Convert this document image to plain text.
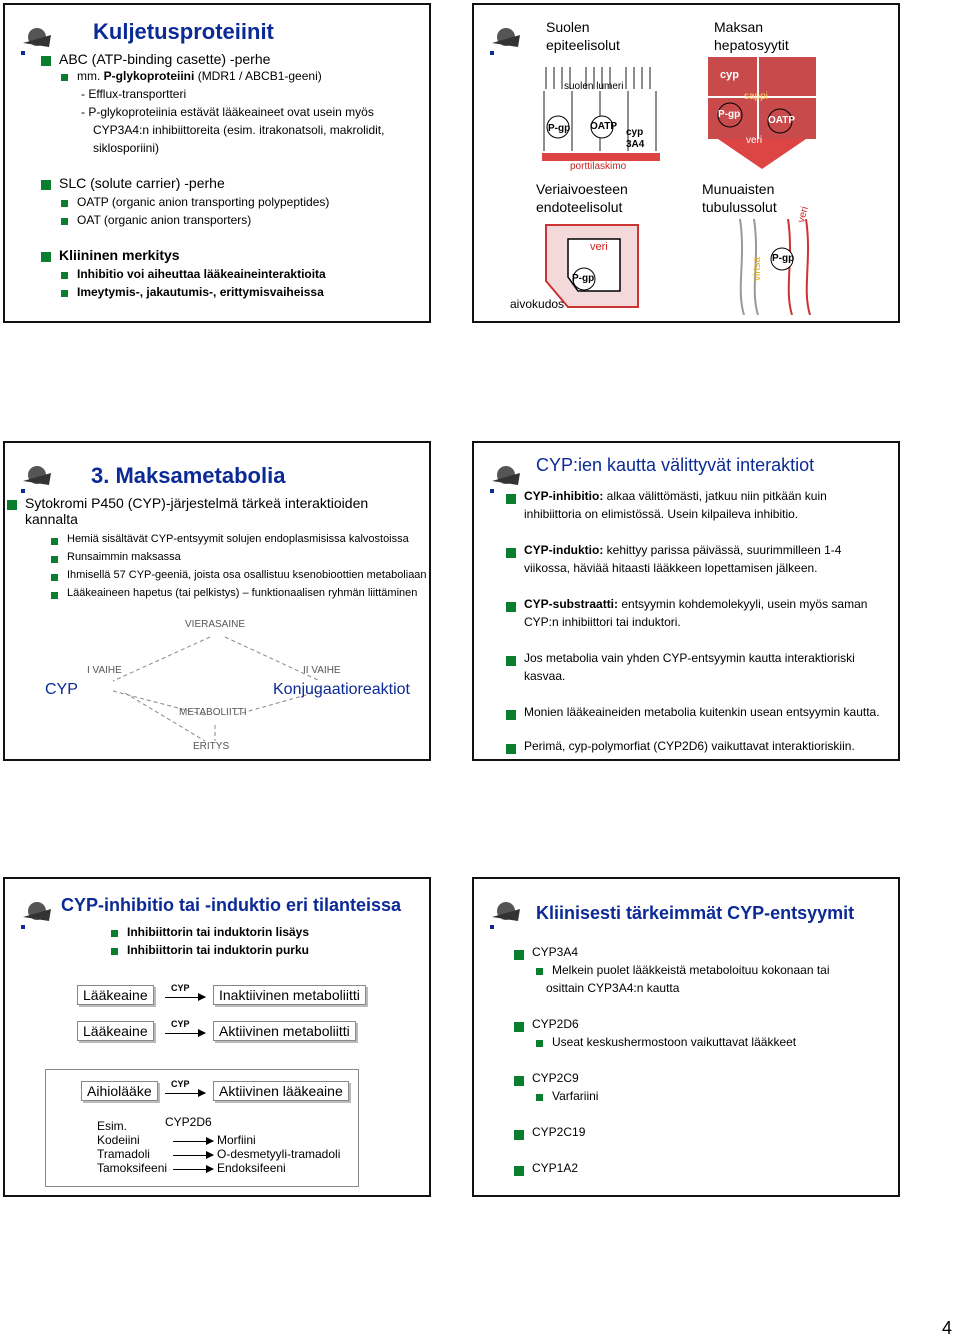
Kuljetusproteiinit
ABC (ATP-binding casette) -perhe
mm. P-glykoproteiini (MDR1 / ABCB1-geeni)
- Efflux-transportteri
- P-glykoproteiinia estävät lääkeaineet ovat usein myös
CYP3A4:n inhibiittoreita (esim. itrakonatsoli, makrolidit,
siklosporiini)
SLC (solute carrier) -perhe
OATP (organic anion transporting polypeptides)
OAT (organic anion transporters)
Kliininen merkitys
Inhibitio voi aiheuttaa lääkeaineinteraktioita
Imeytymis-, jakautumis-, erittymisvaiheissa
Suolen
epiteelisolut
Maksan
hepatosyytit
suolen lumeri
P-gp OATP
cyp
3A4
porttilaskimo
cyp
sappi
P-gp
OATP
veri
Veriaivoesteen
endoteelisolut
Munuaisten
tubulussolut
veri
P-gp
aivokudos
P-gp
virtsa
veri
3. Maksametabolia
Sytokromi P450 (CYP)-järjestelmä tärkeä interaktioiden kannalta
Hemiä sisältävät CYP-entsyymit solujen endoplasmisissa kalvostoissa
Runsaimmin maksassa
Ihmisellä 57 CYP-geeniä, joista osa osallistuu ksenobioottien metaboliaan
Lääkeaineen hapetus (tai pelkistys) – funktionaalisen ryhmän liittäminen
VIERASAINE
I VAIHE	II VAIHE
METABOLIITTI
ERITYS
CYP	Konjugaatioreaktiot
CYP:ien kautta välittyvät interaktiot
CYP-inhibitio: alkaa välittömästi, jatkuu niin pitkään kuin
inhibiittoria on elimistössä. Usein kilpaileva inhibitio.
CYP-induktio: kehittyy parissa päivässä, suurimmilleen 1-4
viikossa, häviää hitaasti lääkkeen lopettamisen jälkeen.
CYP-substraatti: entsyymin kohdemolekyyli, usein myös saman
CYP:n inhibiittori tai induktori.
Jos metabolia vain yhden CYP-entsyymin kautta interaktioriski
kasvaa.
Monien lääkeaineiden metabolia kuitenkin usean entsyymin kautta.
Perimä, cyp-polymorfiat (CYP2D6) vaikuttavat interaktioriskiin.
CYP-inhibitio tai -induktio eri tilanteissa
Inhibiittorin tai induktorin lisäys
Inhibiittorin tai induktorin purku
Lääkeaine	CYP	Inaktiivinen metaboliitti
Lääkeaine	CYP	Aktiivinen metaboliitti
Aihiolääke	CYP	Aktiivinen lääkeaine
Esim.	CYP2D6
Kodeiini	Morfiini
Tramadoli	O-desmetyyli-tramadoli
Tamoksifeeni	Endoksifeeni
Kliinisesti tärkeimmät CYP-entsyymit
CYP3A4
Melkein puolet lääkkeistä metaboloituu kokonaan tai
osittain CYP3A4:n kautta
CYP2D6
Useat keskushermostoon vaikuttavat lääkkeet
CYP2C9
Varfariini
CYP2C19
CYP1A2
4
